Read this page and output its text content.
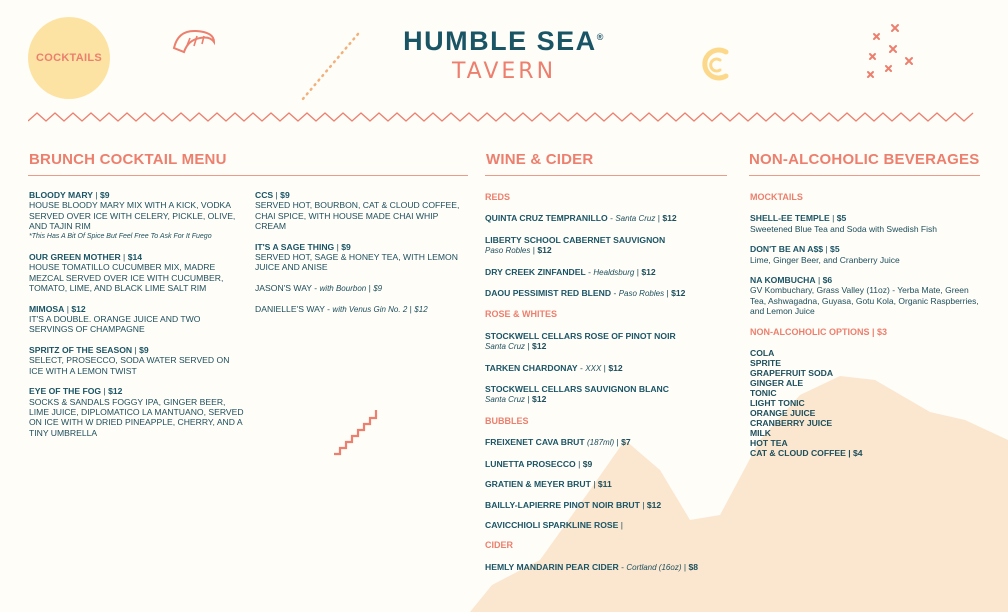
COCKTAILS
HUMBLE SEA®
TAVERN
BRUNCH COCKTAIL MENU
BLOODY MARY | $9
HOUSE BLOODY MARY MIX WITH A KICK, VODKA SERVED OVER ICE WITH CELERY, PICKLE, OLIVE, AND TAJIN RIM
*This Has A Bit Of Spice But Feel Free To Ask For It Fuego
OUR GREEN MOTHER | $14
HOUSE TOMATILLO CUCUMBER MIX, MADRE MEZCAL SERVED OVER ICE WITH CUCUMBER, TOMATO, LIME, AND BLACK LIME SALT RIM
MIMOSA | $12
IT'S A DOUBLE. ORANGE JUICE AND TWO SERVINGS OF CHAMPAGNE
SPRITZ OF THE SEASON | $9
SELECT, PROSECCO, SODA WATER SERVED ON ICE WITH A LEMON TWIST
EYE OF THE FOG | $12
SOCKS & SANDALS FOGGY IPA, GINGER BEER, LIME JUICE, DIPLOMATICO LA MANTUANO, SERVED ON ICE WITH W DRIED PINEAPPLE, CHERRY, AND A TINY UMBRELLA
CCS | $9
SERVED HOT, BOURBON, CAT & CLOUD COFFEE, CHAI SPICE, WITH HOUSE MADE CHAI WHIP CREAM
IT'S A SAGE THING | $9
SERVED HOT, SAGE & HONEY TEA, WITH LEMON JUICE AND ANISE
JASON'S WAY - with Bourbon | $9
DANIELLE'S WAY - with Venus Gin No. 2 | $12
WINE & CIDER
REDS
QUINTA CRUZ TEMPRANILLO - Santa Cruz | $12
LIBERTY SCHOOL CABERNET SAUVIGNON
Paso Robles | $12
DRY CREEK ZINFANDEL - Healdsburg | $12
DAOU PESSIMIST RED BLEND - Paso Robles | $12
ROSE & WHITES
STOCKWELL CELLARS ROSE OF PINOT NOIR
Santa Cruz | $12
TARKEN CHARDONAY - XXX | $12
STOCKWELL CELLARS SAUVIGNON BLANC
Santa Cruz | $12
BUBBLES
FREIXENET CAVA BRUT (187ml) | $7
LUNETTA PROSECCO | $9
GRATIEN & MEYER BRUT | $11
BAILLY-LAPIERRE PINOT NOIR BRUT | $12
CAVICCHIOLI SPARKLINE ROSE |
CIDER
HEMLY MANDARIN PEAR CIDER - Cortland (16oz) | $8
NON-ALCOHOLIC BEVERAGES
MOCKTAILS
SHELL-EE TEMPLE | $5
Sweetened Blue Tea and Soda with Swedish Fish
DON'T BE AN A$$ | $5
Lime, Ginger Beer, and Cranberry Juice
NA KOMBUCHA | $6
GV Kombuchary, Grass Valley (11oz) - Yerba Mate, Green Tea, Ashwagadna, Guyasa, Gotu Kola, Organic Raspberries, and Lemon Juice
NON-ALCOHOLIC OPTIONS | $3
COLA
SPRITE
GRAPEFRUIT SODA
GINGER ALE
TONIC
LIGHT TONIC
ORANGE JUICE
CRANBERRY JUICE
MILK
HOT TEA
CAT & CLOUD COFFEE | $4
